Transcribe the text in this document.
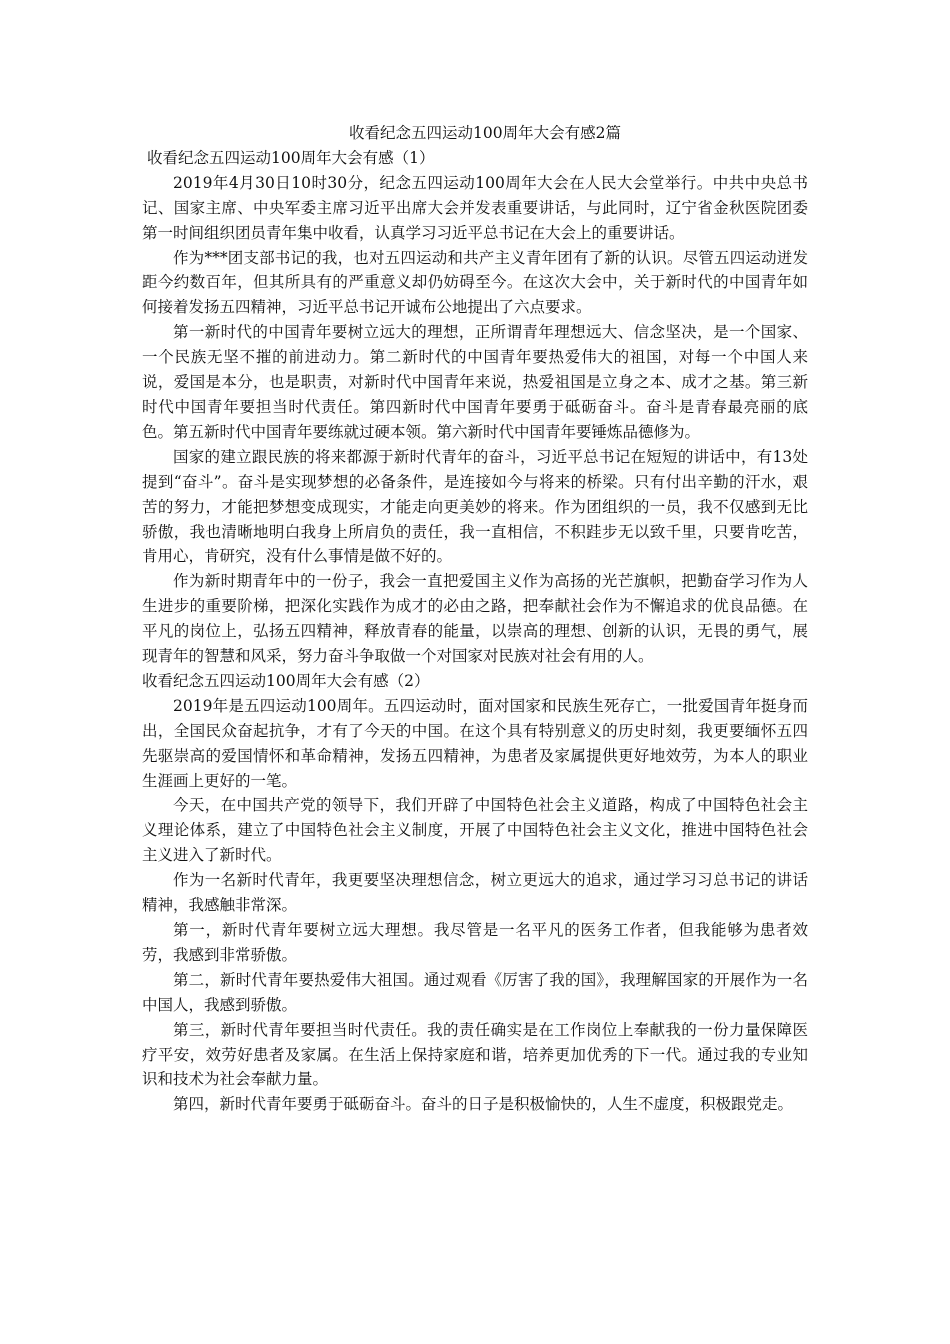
收看纪念五四运动100周年大会有感2篇
收看纪念五四运动100周年大会有感（1）

2019年4月30日10时30分，纪念五四运动100周年大会在人民大会堂举行。中共中央总书记、国家主席、中央军委主席习近平出席大会并发表重要讲话，与此同时，辽宁省金秋医院团委第一时间组织团员青年集中收看，认真学习习近平总书记在大会上的重要讲话。

作为***团支部书记的我，也对五四运动和共产主义青年团有了新的认识。尽管五四运动迸发距今约数百年，但其所具有的严重意义却仍妨碍至今。在这次大会中，关于新时代的中国青年如何接着发扬五四精神，习近平总书记开诚布公地提出了六点要求。

第一新时代的中国青年要树立远大的理想，正所谓青年理想远大、信念坚决，是一个国家、一个民族无坚不摧的前进动力。第二新时代的中国青年要热爱伟大的祖国，对每一个中国人来说，爱国是本分，也是职责，对新时代中国青年来说，热爱祖国是立身之本、成才之基。第三新时代中国青年要担当时代责任。第四新时代中国青年要勇于砥砺奋斗。奋斗是青春最亮丽的底色。第五新时代中国青年要练就过硬本领。第六新时代中国青年要锤炼品德修为。

国家的建立跟民族的将来都源于新时代青年的奋斗，习近平总书记在短短的讲话中，有13处提到“奋斗”。奋斗是实现梦想的必备条件，是连接如今与将来的桥梁。只有付出辛勤的汗水，艰苦的努力，才能把梦想变成现实，才能走向更美妙的将来。作为团组织的一员，我不仅感到无比骄傲，我也清晰地明白我身上所肩负的责任，我一直相信，不积跬步无以致千里，只要肯吃苦，肯用心，肯研究，没有什么事情是做不好的。

作为新时期青年中的一份子，我会一直把爱国主义作为高扬的光芒旗帜，把勤奋学习作为人生进步的重要阶梯，把深化实践作为成才的必由之路，把奉献社会作为不懈追求的优良品德。在平凡的岗位上，弘扬五四精神，释放青春的能量，以崇高的理想、创新的认识，无畏的勇气，展现青年的智慧和风采，努力奋斗争取做一个对国家对民族对社会有用的人。

收看纪念五四运动100周年大会有感（2）

2019年是五四运动100周年。五四运动时，面对国家和民族生死存亡，一批爱国青年挺身而出，全国民众奋起抗争，才有了今天的中国。在这个具有特别意义的历史时刻，我更要缅怀五四先驱崇高的爱国情怀和革命精神，发扬五四精神，为患者及家属提供更好地效劳，为本人的职业生涯画上更好的一笔。

今天，在中国共产党的领导下，我们开辟了中国特色社会主义道路，构成了中国特色社会主义理论体系，建立了中国特色社会主义制度，开展了中国特色社会主义文化，推进中国特色社会主义进入了新时代。

作为一名新时代青年，我更要坚决理想信念，树立更远大的追求，通过学习习总书记的讲话精神，我感触非常深。

第一，新时代青年要树立远大理想。我尽管是一名平凡的医务工作者，但我能够为患者效劳，我感到非常骄傲。

第二，新时代青年要热爱伟大祖国。通过观看《厉害了我的国》，我理解国家的开展作为一名中国人，我感到骄傲。

第三，新时代青年要担当时代责任。我的责任确实是在工作岗位上奉献我的一份力量保障医疗平安，效劳好患者及家属。在生活上保持家庭和谐，培养更加优秀的下一代。通过我的专业知识和技术为社会奉献力量。

第四，新时代青年要勇于砥砺奋斗。奋斗的日子是积极愉快的，人生不虚度，积极跟党走。
